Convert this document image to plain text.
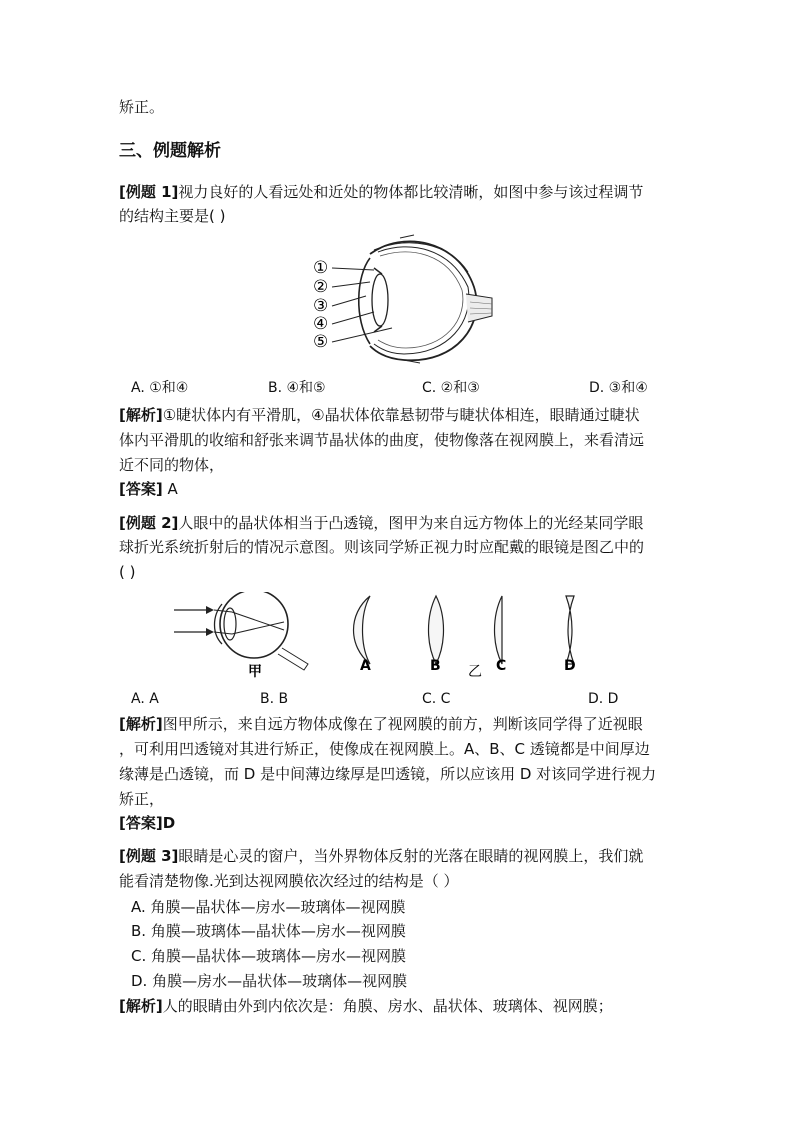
矫正。
三、例题解析
[例题 1]视力良好的人看远处和近处的物体都比较清晰，如图中参与该过程调节
的结构主要是( )
①
②
③
④
⑤
A. ①和④	B. ④和⑤	C. ②和③	D. ③和④
[解析]①睫状体内有平滑肌，④晶状体依靠悬韧带与睫状体相连，眼睛通过睫状
体内平滑肌的收缩和舒张来调节晶状体的曲度，使物像落在视网膜上，来看清远
近不同的物体，
[答案] A
[例题 2]人眼中的晶状体相当于凸透镜，图甲为来自远方物体上的光经某同学眼
球折光系统折射后的情况示意图。则该同学矫正视力时应配戴的眼镜是图乙中的
( )
甲	A	B 乙 C	D
A. A	B. B	C. C	D. D
[解析]图甲所示，来自远方物体成像在了视网膜的前方，判断该同学得了近视眼
，可利用凹透镜对其进行矫正，使像成在视网膜上。A、B、C 透镜都是中间厚边
缘薄是凸透镜，而 D 是中间薄边缘厚是凹透镜，所以应该用 D 对该同学进行视力
矫正，
[答案]D
[例题 3]眼睛是心灵的窗户，当外界物体反射的光落在眼睛的视网膜上，我们就
能看清楚物像.光到达视网膜依次经过的结构是（ ）
A. 角膜—晶状体—房水—玻璃体—视网膜
B. 角膜—玻璃体—晶状体—房水—视网膜
C. 角膜—晶状体—玻璃体—房水—视网膜
D. 角膜—房水—晶状体—玻璃体—视网膜
[解析]人的眼睛由外到内依次是：角膜、房水、晶状体、玻璃体、视网膜；
